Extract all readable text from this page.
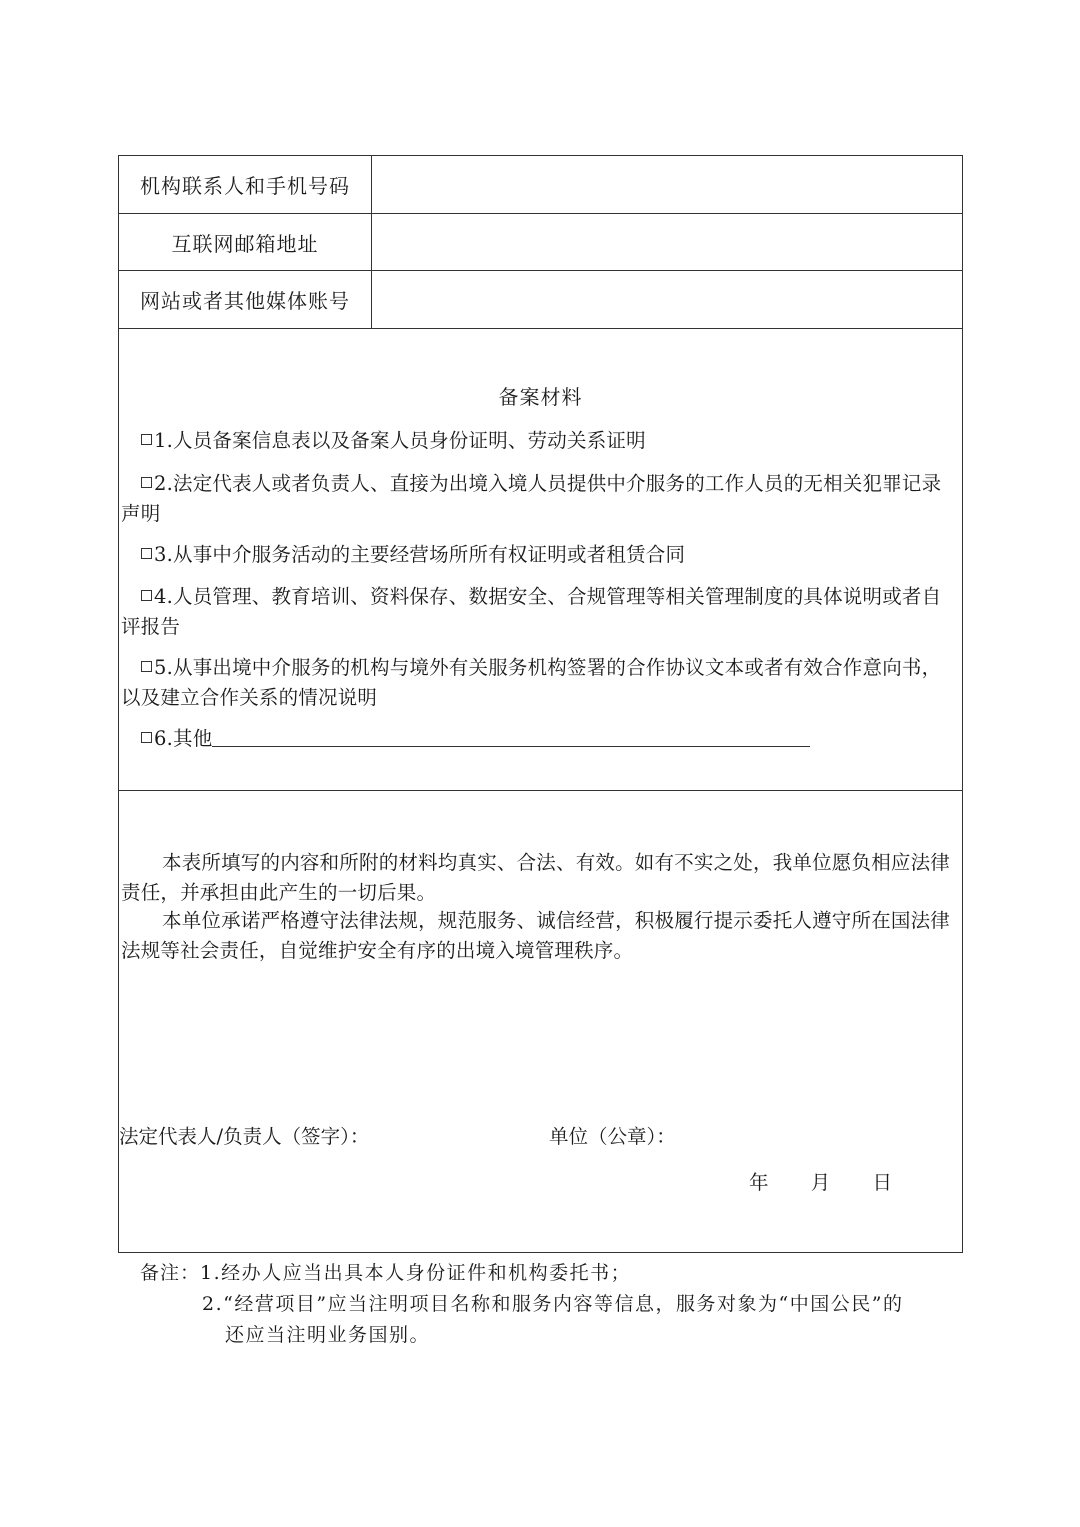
机构联系人和手机号码
互联网邮箱地址
网站或者其他媒体账号
备案材料
1.人员备案信息表以及备案人员身份证明、劳动关系证明
2.法定代表人或者负责人、直接为出境入境人员提供中介服务的工作人员的无相关犯罪记录声明
3.从事中介服务活动的主要经营场所所有权证明或者租赁合同
4.人员管理、教育培训、资料保存、数据安全、合规管理等相关管理制度的具体说明或者自评报告
5.从事出境中介服务的机构与境外有关服务机构签署的合作协议文本或者有效合作意向书，以及建立合作关系的情况说明
6.其他
本表所填写的内容和所附的材料均真实、合法、有效。如有不实之处，我单位愿负相应法律责任，并承担由此产生的一切后果。
本单位承诺严格遵守法律法规，规范服务、诚信经营，积极履行提示委托人遵守所在国法律法规等社会责任，自觉维护安全有序的出境入境管理秩序。
法定代表人/负责人（签字）：	单位（公章）：
年 月 日
备注：1.经办人应当出具本人身份证件和机构委托书；
2.“经营项目”应当注明项目名称和服务内容等信息，服务对象为“中国公民”的
还应当注明业务国别。
